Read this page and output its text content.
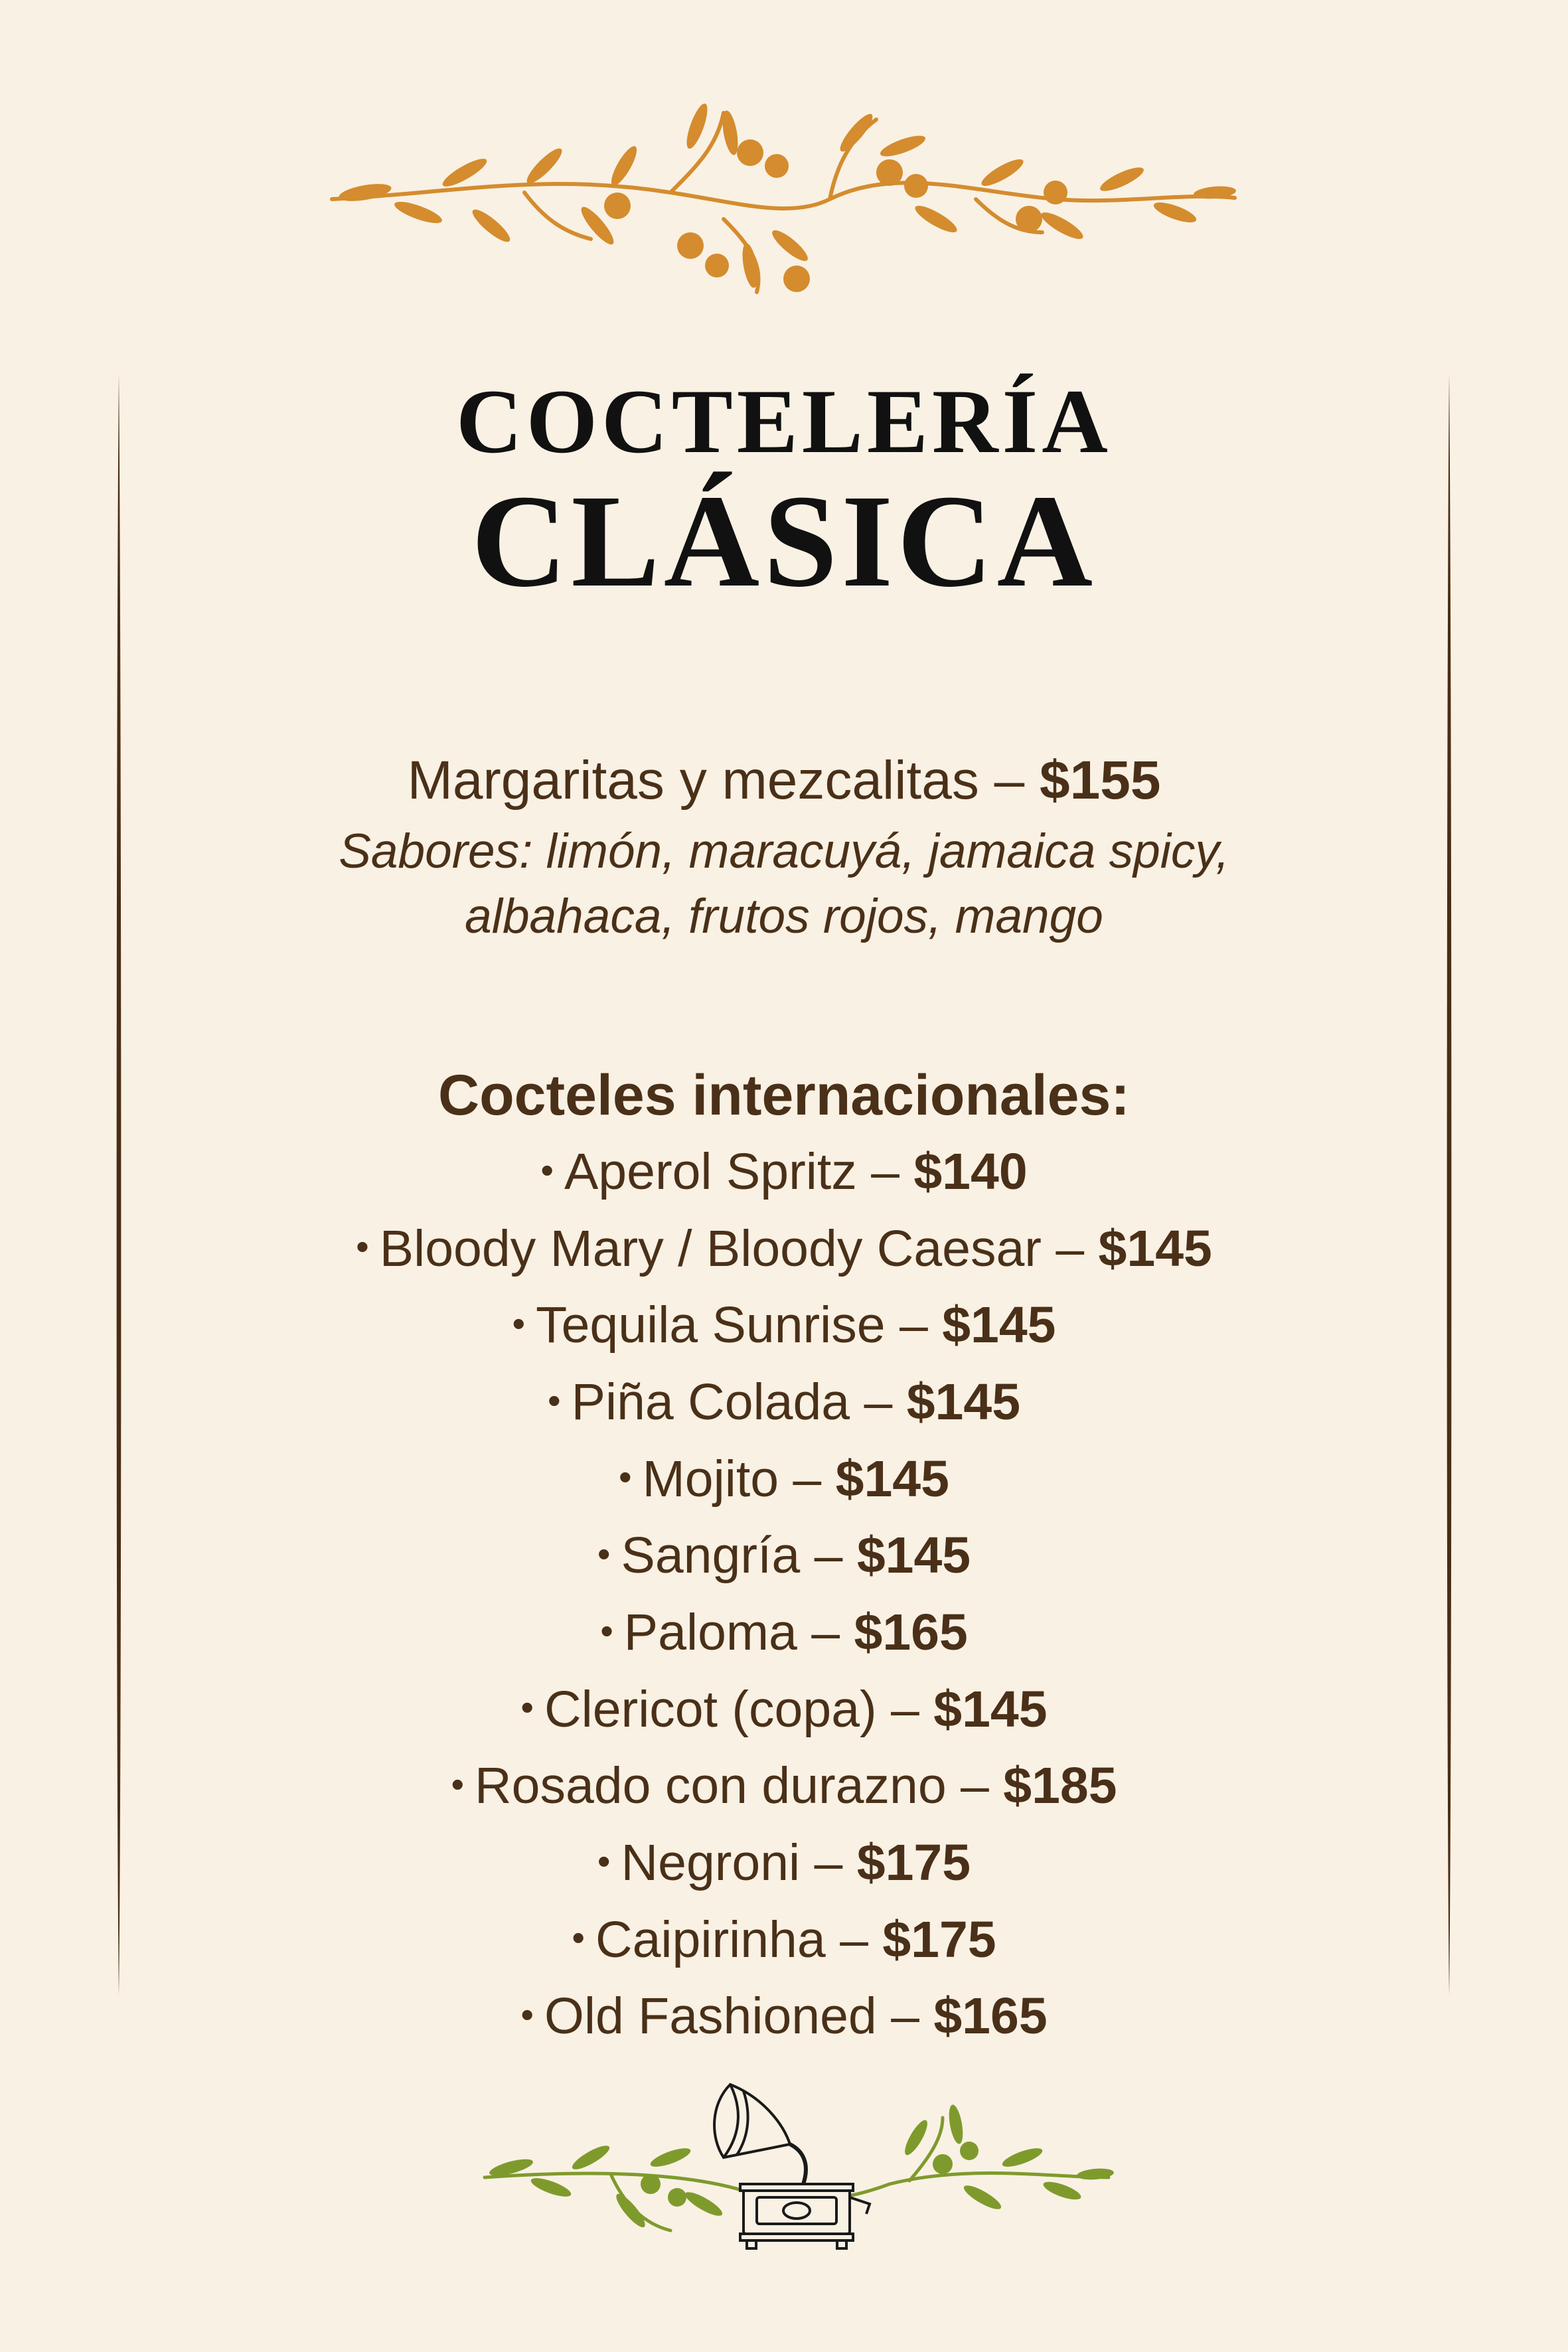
COCTELERÍA
CLÁSICA
Margaritas y mezcalitas – $155
Sabores: limón, maracuyá, jamaica spicy,
albahaca, frutos rojos, mango
Cocteles internacionales:
• Aperol Spritz – $140
• Bloody Mary / Bloody Caesar – $145
• Tequila Sunrise – $145
• Piña Colada – $145
• Mojito – $145
• Sangría – $145
• Paloma – $165
• Clericot (copa) – $145
• Rosado con durazno – $185
• Negroni – $175
• Caipirinha – $175
• Old Fashioned – $165
